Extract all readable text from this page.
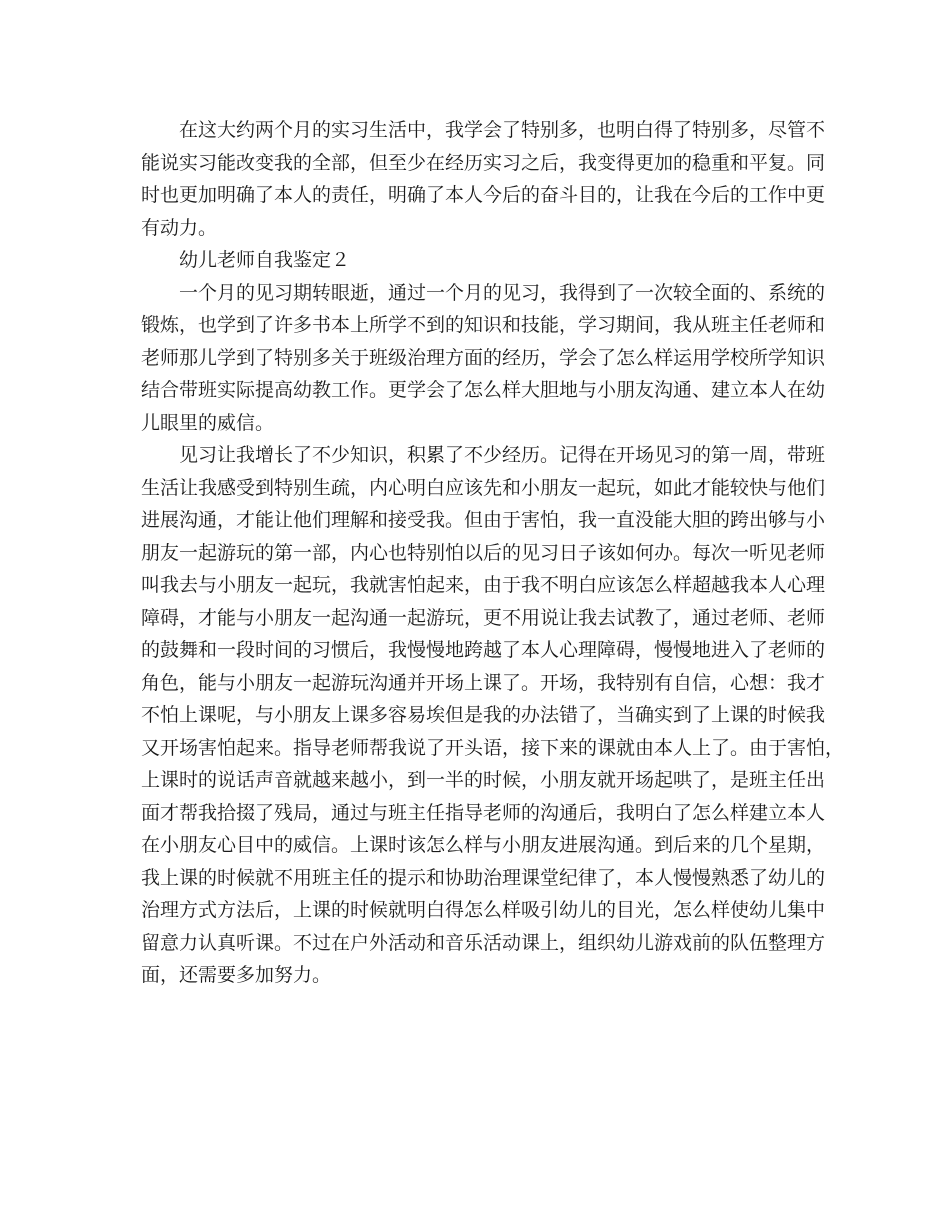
在这大约两个月的实习生活中，我学会了特别多，也明白得了特别多，尽管不
能说实习能改变我的全部，但至少在经历实习之后，我变得更加的稳重和平复。同
时也更加明确了本人的责任，明确了本人今后的奋斗目的，让我在今后的工作中更
有动力。
幼儿老师自我鉴定２
一个月的见习期转眼逝，通过一个月的见习，我得到了一次较全面的、系统的
锻炼，也学到了许多书本上所学不到的知识和技能，学习期间，我从班主任老师和
老师那儿学到了特别多关于班级治理方面的经历，学会了怎么样运用学校所学知识
结合带班实际提高幼教工作。更学会了怎么样大胆地与小朋友沟通、建立本人在幼
儿眼里的威信。
见习让我增长了不少知识，积累了不少经历。记得在开场见习的第一周，带班
生活让我感受到特别生疏，内心明白应该先和小朋友一起玩，如此才能较快与他们
进展沟通，才能让他们理解和接受我。但由于害怕，我一直没能大胆的跨出够与小
朋友一起游玩的第一部，内心也特别怕以后的见习日子该如何办。每次一听见老师
叫我去与小朋友一起玩，我就害怕起来，由于我不明白应该怎么样超越我本人心理
障碍，才能与小朋友一起沟通一起游玩，更不用说让我去试教了，通过老师、老师
的鼓舞和一段时间的习惯后，我慢慢地跨越了本人心理障碍，慢慢地进入了老师的
角色，能与小朋友一起游玩沟通并开场上课了。开场，我特别有自信，心想：我才
不怕上课呢，与小朋友上课多容易埃但是我的办法错了，当确实到了上课的时候我
又开场害怕起来。指导老师帮我说了开头语，接下来的课就由本人上了。由于害怕，
上课时的说话声音就越来越小，到一半的时候，小朋友就开场起哄了，是班主任出
面才帮我拾掇了残局，通过与班主任指导老师的沟通后，我明白了怎么样建立本人
在小朋友心目中的威信。上课时该怎么样与小朋友进展沟通。到后来的几个星期，
我上课的时候就不用班主任的提示和协助治理课堂纪律了，本人慢慢熟悉了幼儿的
治理方式方法后，上课的时候就明白得怎么样吸引幼儿的目光，怎么样使幼儿集中
留意力认真听课。不过在户外活动和音乐活动课上，组织幼儿游戏前的队伍整理方
面，还需要多加努力。
